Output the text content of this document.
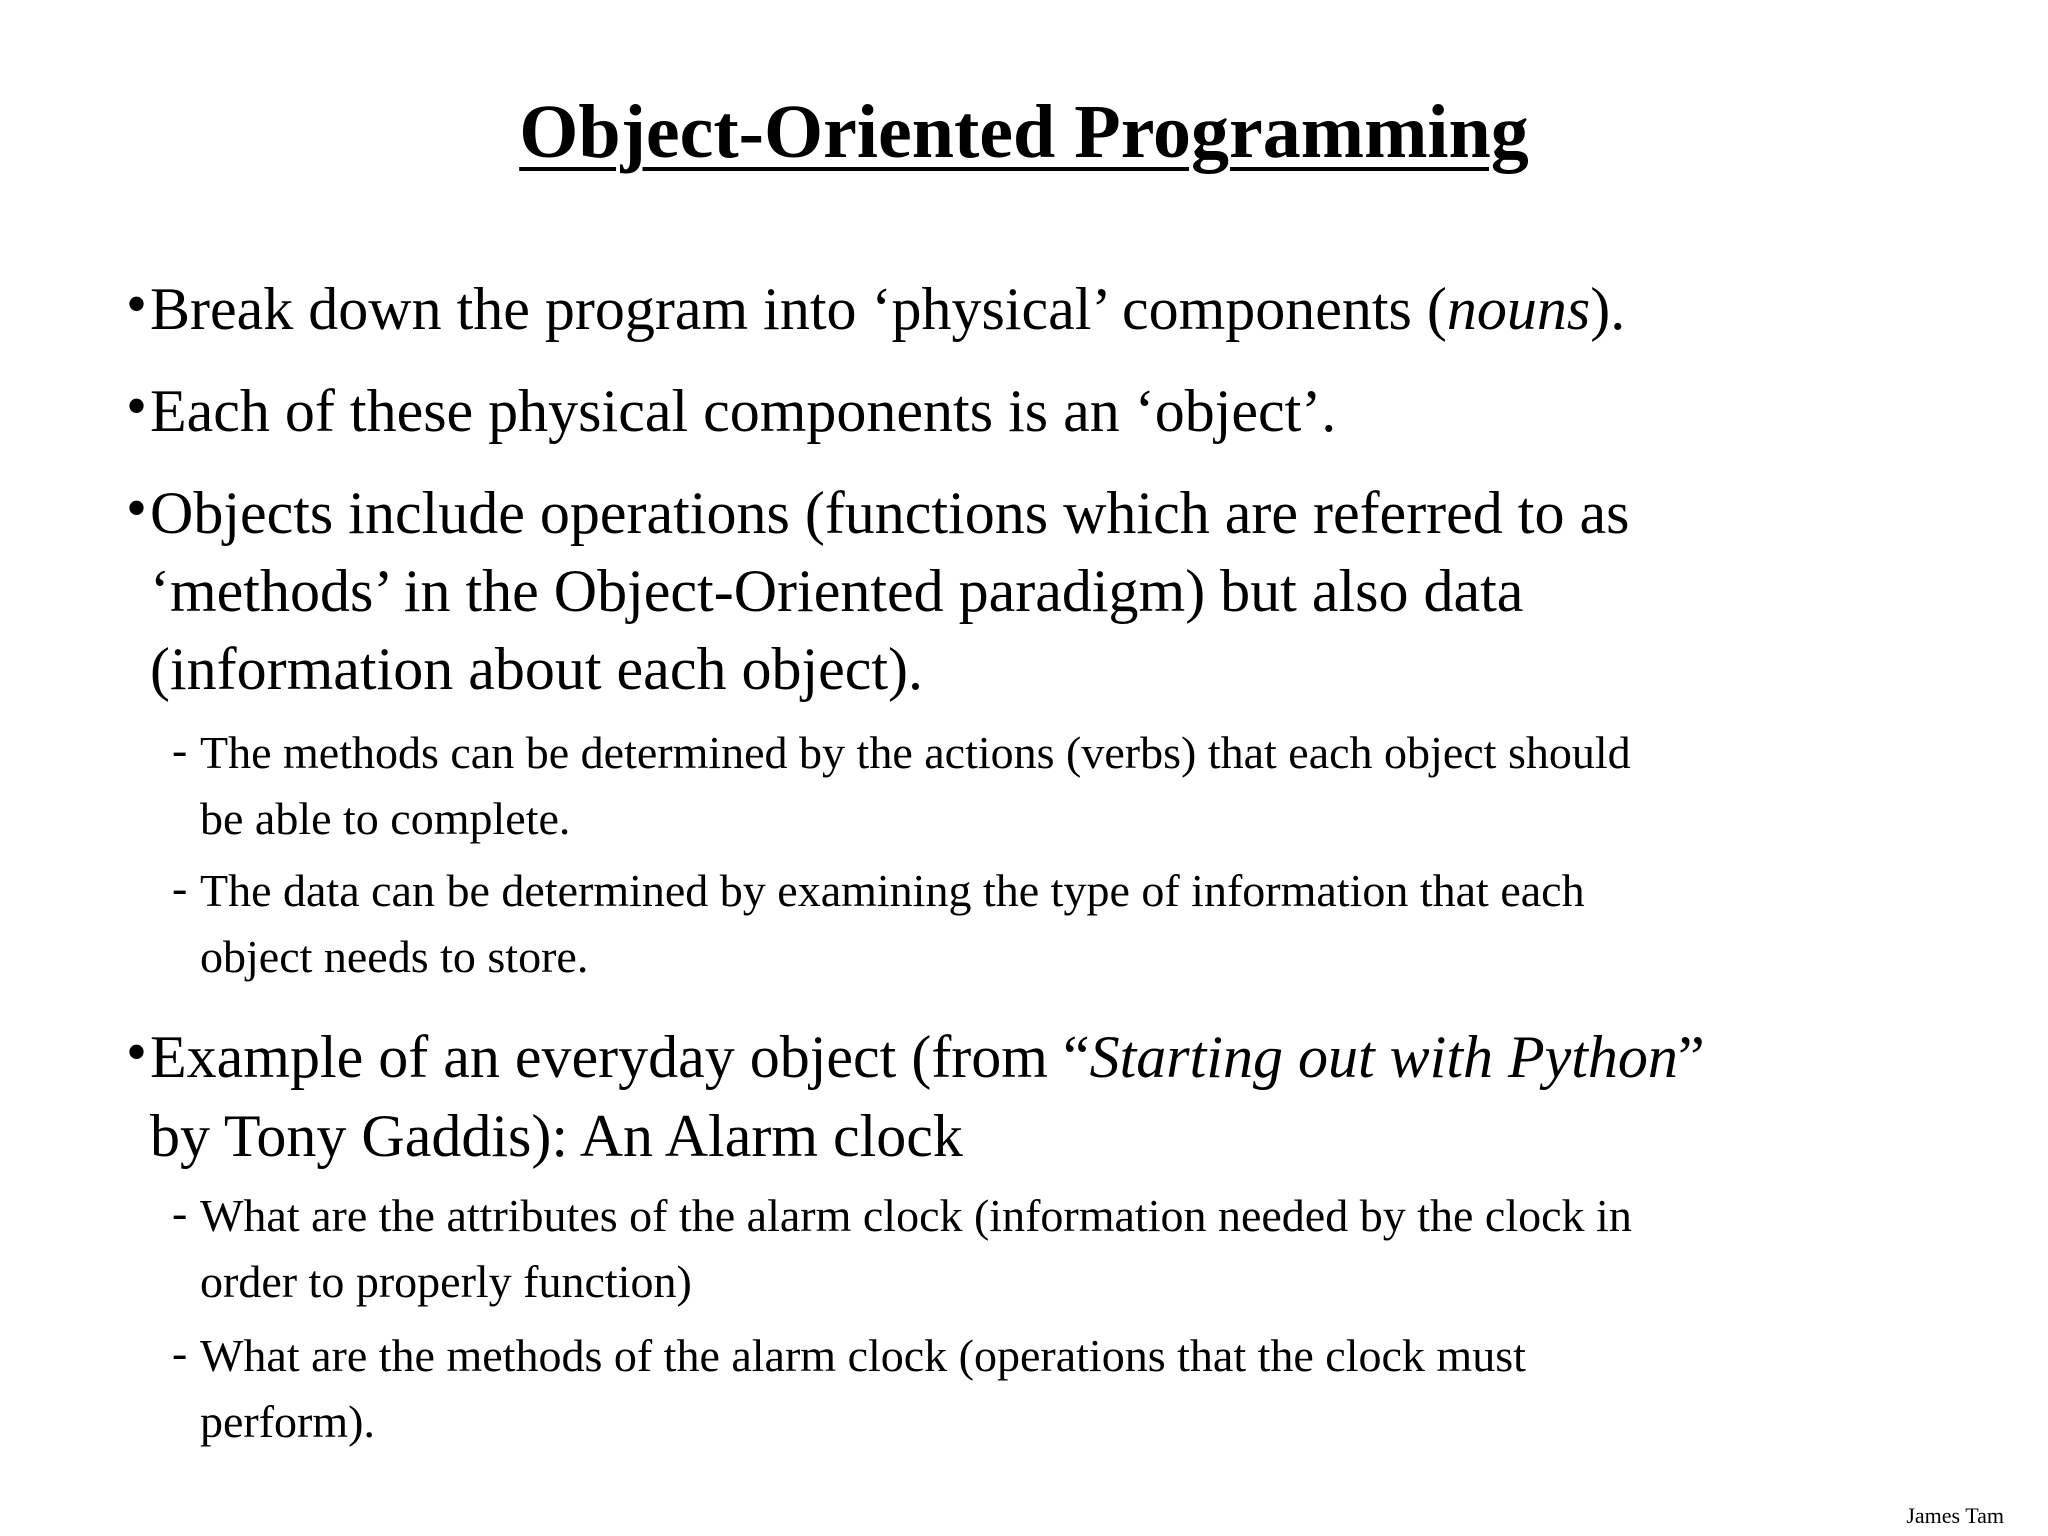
Object-Oriented Programming
• Break down the program into ‘physical’ components (nouns).

• Each of these physical components is an ‘object’.

• Objects include operations (functions which are referred to as

‘methods’ in the Object-Oriented paradigm) but also data

(information about each object).

- The methods can be determined by the actions (verbs) that each object should

be able to complete.

- The data can be determined by examining the type of information that each

object needs to store.

• Example of an everyday object (from “Starting out with Python”

by Tony Gaddis): An Alarm clock

- What are the attributes of the alarm clock (information needed by the clock in

order to properly function)

- What are the methods of the alarm clock (operations that the clock must

perform).

James Tam
